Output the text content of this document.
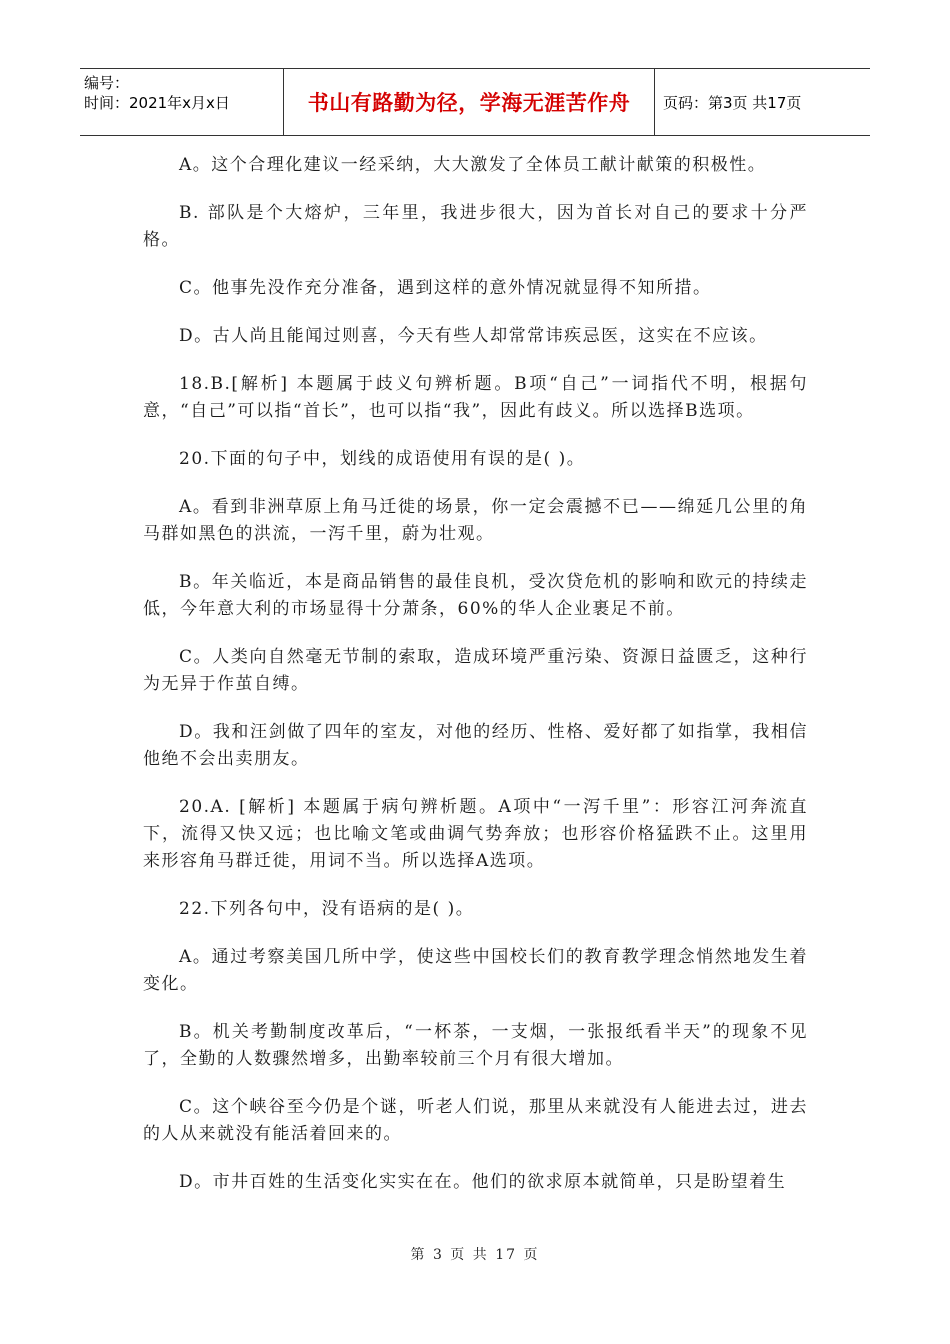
编号：
时间：2021年x月x日	书山有路勤为径，学海无涯苦作舟	页码：第3页 共17页

A。这个合理化建议一经采纳，大大激发了全体员工献计献策的积极性。

B. 部队是个大熔炉，三年里，我进步很大，因为首长对自己的要求十分严格。

C。他事先没作充分准备，遇到这样的意外情况就显得不知所措。

D。古人尚且能闻过则喜，今天有些人却常常讳疾忌医，这实在不应该。

18.B.[解析] 本题属于歧义句辨析题。B项“自己”一词指代不明，根据句意，“自己”可以指“首长”，也可以指“我”，因此有歧义。所以选择B选项。

20.下面的句子中，划线的成语使用有误的是( )。

A。看到非洲草原上角马迁徙的场景，你一定会震撼不已——绵延几公里的角马群如黑色的洪流，一泻千里，蔚为壮观。

B。年关临近，本是商品销售的最佳良机，受次贷危机的影响和欧元的持续走低，今年意大利的市场显得十分萧条，60%的华人企业裹足不前。

C。人类向自然毫无节制的索取，造成环境严重污染、资源日益匮乏，这种行为无异于作茧自缚。

D。我和汪剑做了四年的室友，对他的经历、性格、爱好都了如指掌，我相信他绝不会出卖朋友。

20.A. [解析] 本题属于病句辨析题。A项中“一泻千里”：形容江河奔流直下，流得又快又远；也比喻文笔或曲调气势奔放；也形容价格猛跌不止。这里用来形容角马群迁徙，用词不当。所以选择A选项。

22.下列各句中，没有语病的是( )。

A。通过考察美国几所中学，使这些中国校长们的教育教学理念悄然地发生着变化。

B。机关考勤制度改革后，“一杯茶，一支烟，一张报纸看半天”的现象不见了，全勤的人数骤然增多，出勤率较前三个月有很大增加。

C。这个峡谷至今仍是个谜，听老人们说，那里从来就没有人能进去过，进去的人从来就没有能活着回来的。

D。市井百姓的生活变化实实在在。他们的欲求原本就简单，只是盼望着生

第 3 页 共 17 页
